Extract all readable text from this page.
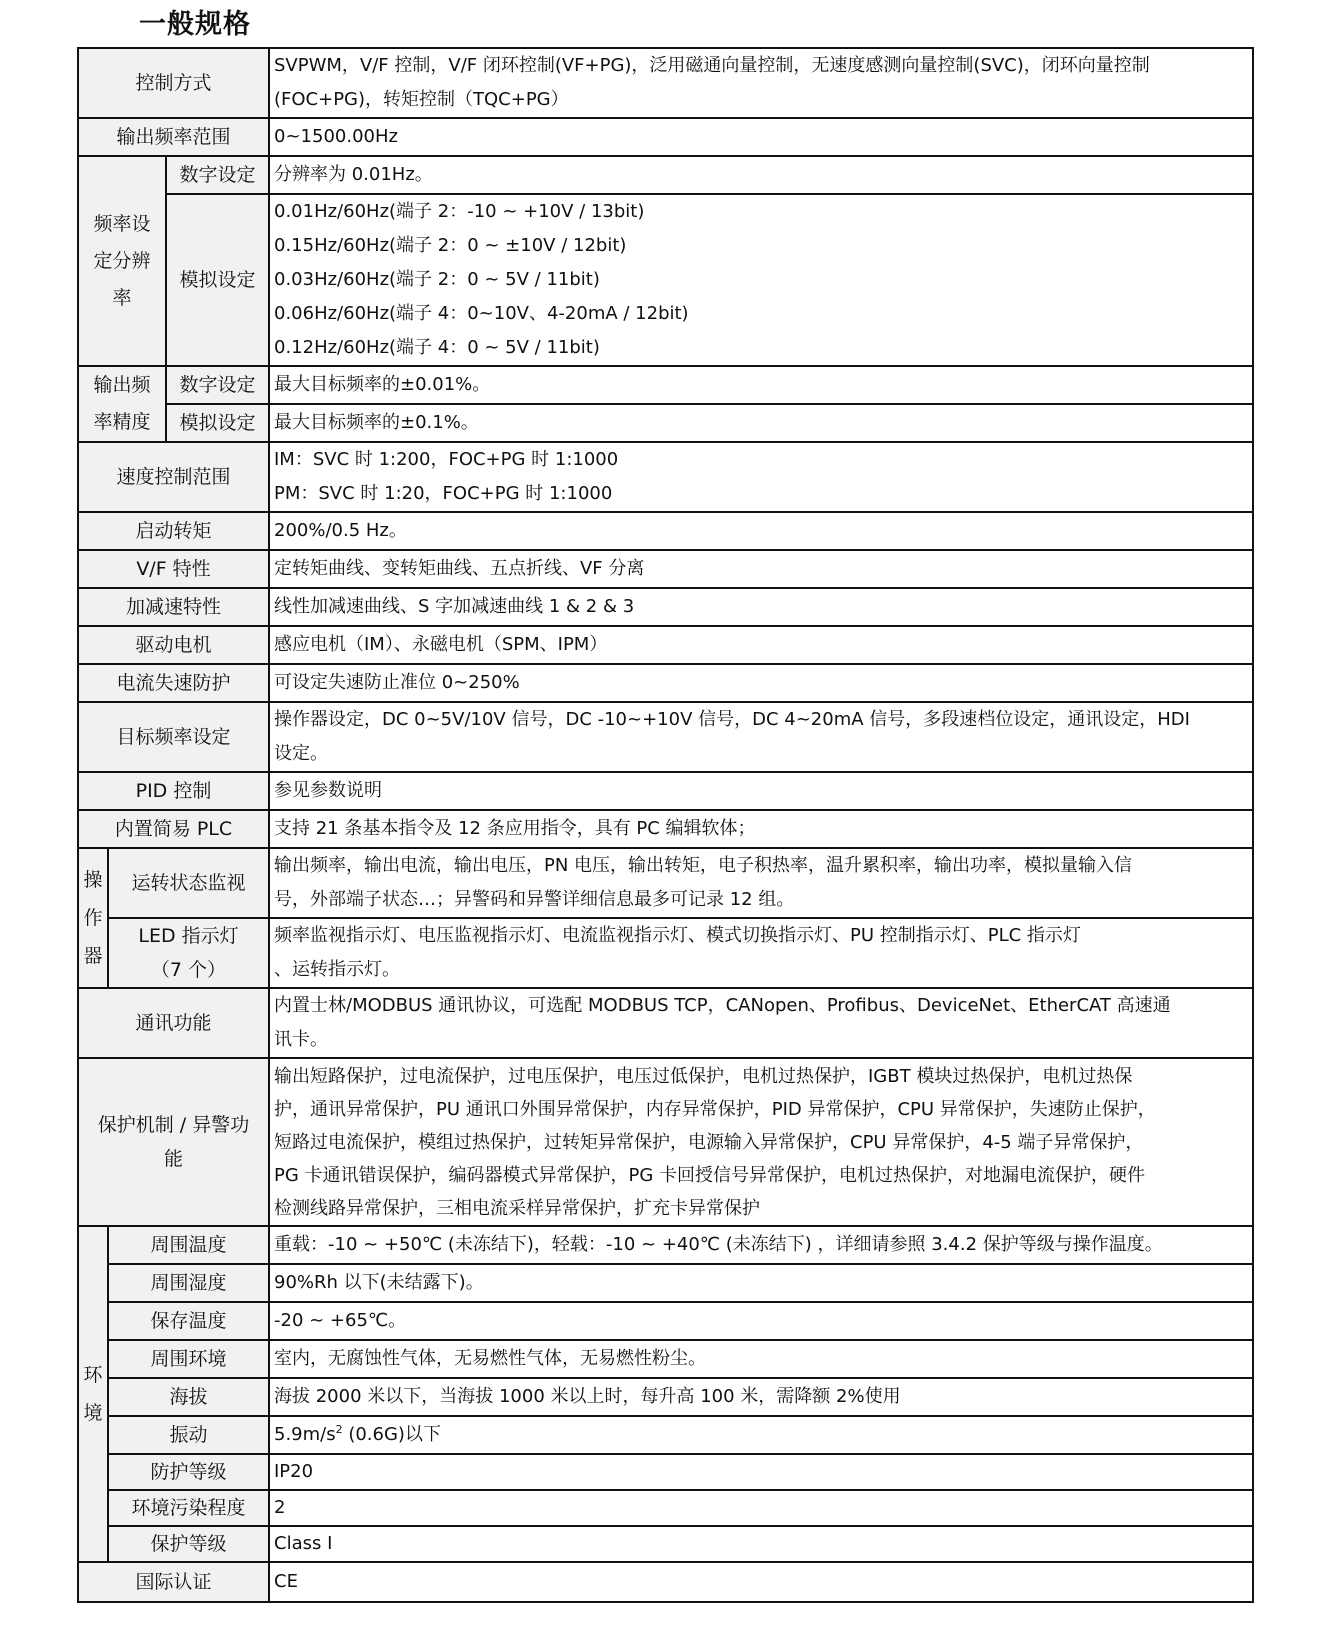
一般规格
控制方式			SVPWM，V/F 控制，V/F 闭环控制(VF+PG)，泛用磁通向量控制，无速度感测向量控制(SVC)，闭环向量控制
(FOC+PG)，转矩控制（TQC+PG）

输出频率范围			0~1500.00Hz
频率设定分辨率		数字设定	分辨率为 0.01Hz。
		模拟设定	0.01Hz/60Hz(端子 2：-10 ~ +10V / 13bit)
0.15Hz/60Hz(端子 2：0 ~ ±10V / 12bit)
0.03Hz/60Hz(端子 2：0 ~ 5V / 11bit)
0.06Hz/60Hz(端子 4：0~10V、4-20mA / 12bit)
0.12Hz/60Hz(端子 4：0 ~ 5V / 11bit)

输出频率精度		数字设定	最大目标频率的±0.01%。
		模拟设定	最大目标频率的±0.1%。
速度控制范围			IM：SVC 时 1:200，FOC+PG 时 1:1000
PM：SVC 时 1:20，FOC+PG 时 1:1000

启动转矩			200%/0.5 Hz。
V/F 特性			定转矩曲线、变转矩曲线、五点折线、VF 分离
加减速特性			线性加减速曲线、S 字加减速曲线 1 & 2 & 3
驱动电机			感应电机（IM）、永磁电机（SPM、IPM）
电流失速防护			可设定失速防止准位 0~250%
目标频率设定			操作器设定，DC 0~5V/10V 信号，DC -10~+10V 信号，DC 4~20mA 信号，多段速档位设定，通讯设定，HDI
设定。

PID 控制			参见参数说明
内置简易 PLC			支持 21 条基本指令及 12 条应用指令，具有 PC 编辑软体；
操作器	运转状态监视		输出频率，输出电流，输出电压，PN 电压，输出转矩，电子积热率，温升累积率，输出功率，模拟量输入信
号，外部端子状态…；异警码和异警详细信息最多可记录 12 组。

	LED 指示灯
（7 个）		频率监视指示灯、电压监视指示灯、电流监视指示灯、模式切换指示灯、PU 控制指示灯、PLC 指示灯
、运转指示灯。

通讯功能			内置士林/MODBUS 通讯协议，可选配 MODBUS TCP，CANopen、Profibus、DeviceNet、EtherCAT 高速通
讯卡。

保护机制 / 异警功
能			输出短路保护，过电流保护，过电压保护，电压过低保护，电机过热保护，IGBT 模块过热保护，电机过热保
护，通讯异常保护，PU 通讯口外围异常保护，内存异常保护，PID 异常保护，CPU 异常保护，失速防止保护，
短路过电流保护，模组过热保护，过转矩异常保护，电源输入异常保护，CPU 异常保护，4-5 端子异常保护，
PG 卡通讯错误保护，编码器模式异常保护，PG 卡回授信号异常保护，电机过热保护，对地漏电流保护，硬件
检测线路异常保护，三相电流采样异常保护，扩充卡异常保护

环境	周围温度		重载：-10 ~ +50℃ (未冻结下)，轻载：-10 ~ +40℃ (未冻结下) ，详细请参照 3.4.2 保护等级与操作温度。
	周围湿度		90%Rh 以下(未结露下)。
	保存温度		-20 ~ +65℃。
	周围环境		室内，无腐蚀性气体，无易燃性气体，无易燃性粉尘。
	海拔		海拔 2000 米以下，当海拔 1000 米以上时，每升高 100 米，需降额 2%使用
	振动		$5.9m/s^2$ (0.6G)以下
	防护等级		IP20
	环境污染程度		2
	保护等级		Class I
国际认证			CE
